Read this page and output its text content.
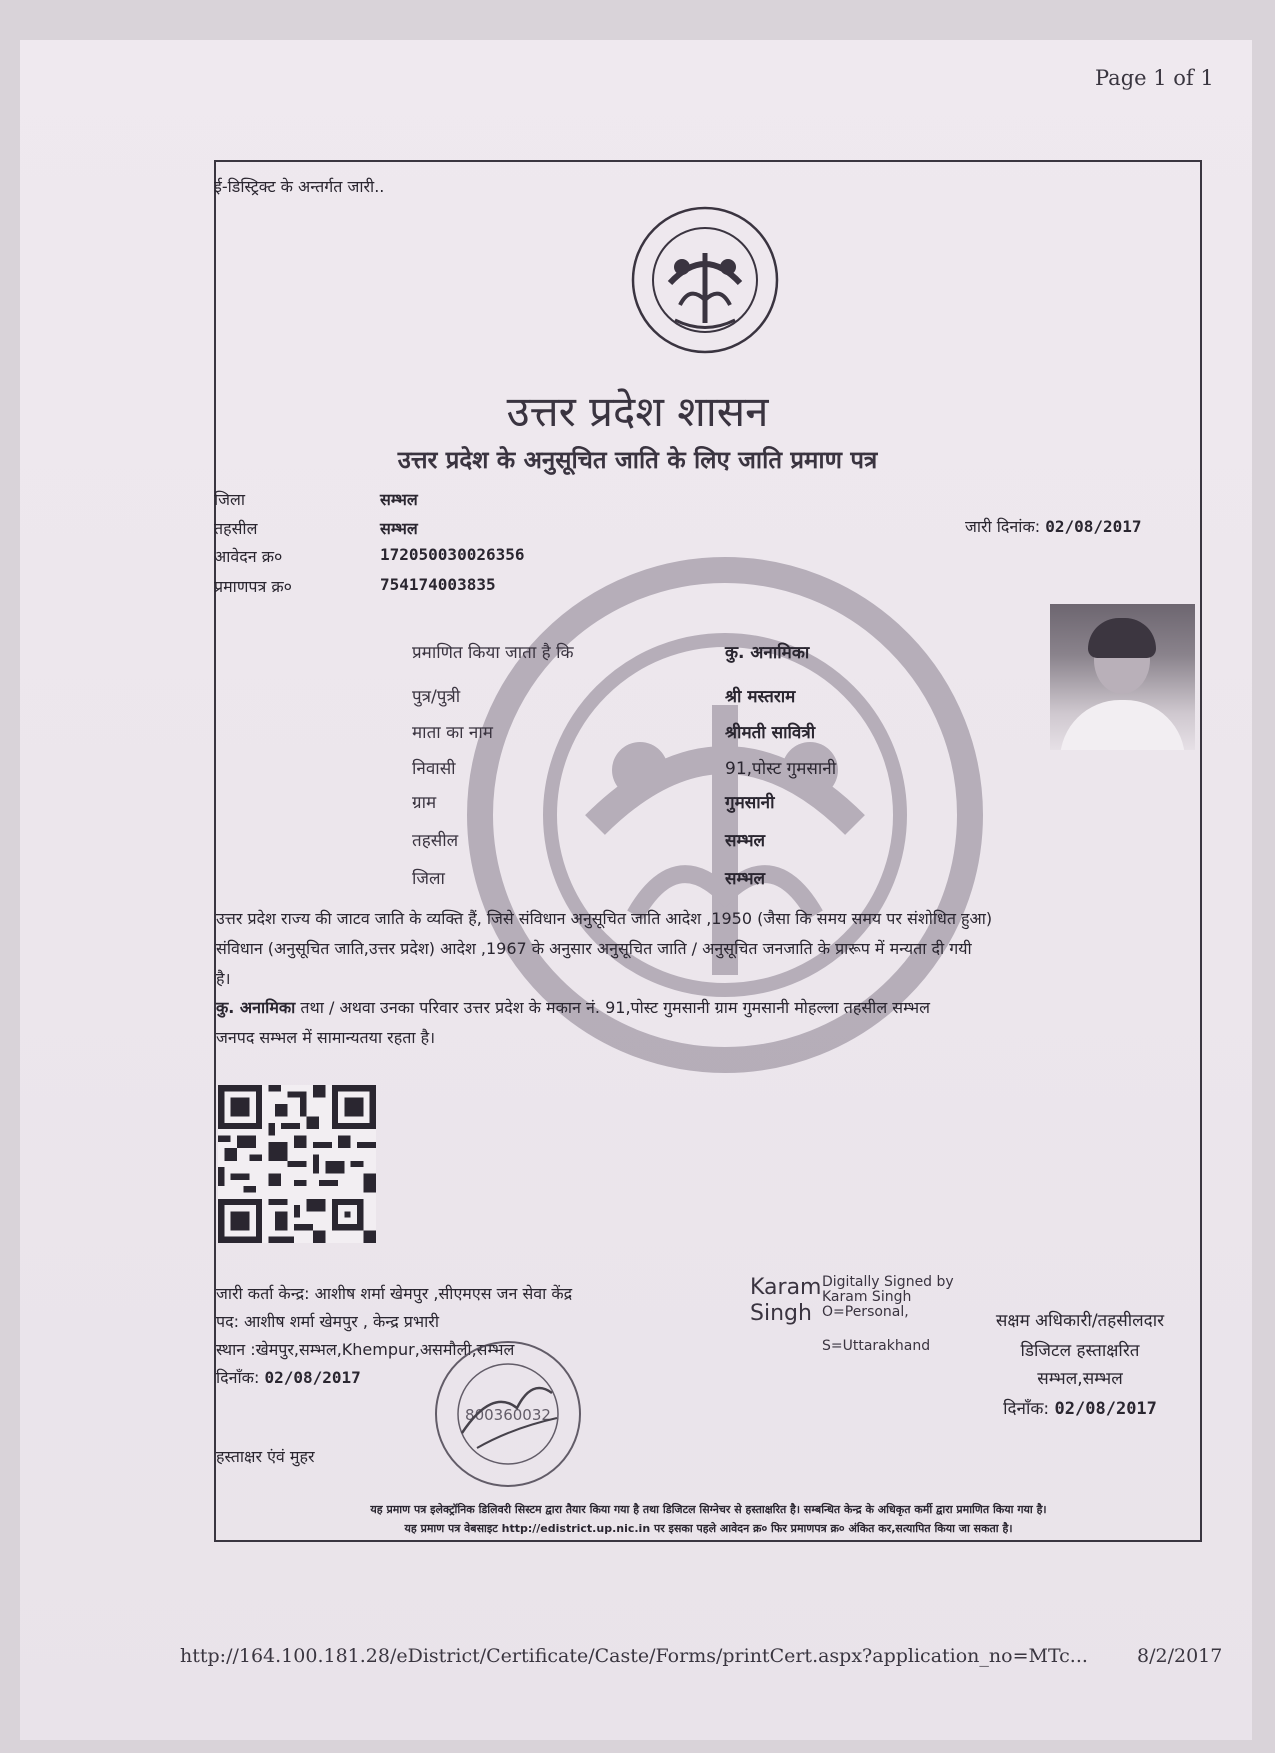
Page 1 of 1
ई-डिस्ट्रिक्ट के अन्तर्गत जारी..
उत्तर प्रदेश शासन
उत्तर प्रदेश के अनुसूचित जाति के लिए जाति प्रमाण पत्र
जिला	सम्भल
तहसील	सम्भल
आवेदन क्र०	172050030026356
प्रमाणपत्र क्र०	754174003835
जारी दिनांक: 02/08/2017
प्रमाणित किया जाता है कि	कु. अनामिका
पुत्र/पुत्री	श्री मस्तराम
माता का नाम	श्रीमती सावित्री
निवासी	91,पोस्ट गुमसानी
ग्राम	गुमसानी
तहसील	सम्भल
जिला	सम्भल
उत्तर प्रदेश राज्य की जाटव जाति के व्यक्ति हैं, जिसे संविधान अनुसूचित जाति आदेश ,1950 (जैसा कि समय समय पर संशोधित हुआ)
संविधान (अनुसूचित जाति,उत्तर प्रदेश) आदेश ,1967 के अनुसार अनुसूचित जाति / अनुसूचित जनजाति के प्रारूप में मन्यता दी गयी
है।
कु. अनामिका तथा / अथवा उनका परिवार उत्तर प्रदेश के मकान नं. 91,पोस्ट गुमसानी ग्राम गुमसानी मोहल्ला तहसील सम्भल
जनपद सम्भल में सामान्यतया रहता है।
जारी कर्ता केन्द्र: आशीष शर्मा खेमपुर ,सीएमएस जन सेवा केंद्र
पद: आशीष शर्मा खेमपुर , केन्द्र प्रभारी
स्थान :खेमपुर,सम्भल,Khempur,असमौली,सम्भल
दिनाँक: 02/08/2017
हस्ताक्षर एंवं मुहर
800360032
Karam
Singh
Digitally Signed by
Karam Singh
O=Personal,
S=Uttarakhand
सक्षम अधिकारी/तहसीलदार
डिजिटल हस्ताक्षरित
सम्भल,सम्भल
दिनाँक: 02/08/2017
यह प्रमाण पत्र इलेक्ट्रॉनिक डिलिवरी सिस्टम द्वारा तैयार किया गया है तथा डिजिटल सिग्नेचर से हस्ताक्षरित है। सम्बन्धित केन्द्र के अधिकृत कर्मी द्वारा प्रमाणित किया गया है।
यह प्रमाण पत्र वेबसाइट http://edistrict.up.nic.in पर इसका पहले आवेदन क्र० फिर प्रमाणपत्र क्र० अंकित कर,सत्यापित किया जा सकता है।
http://164.100.181.28/eDistrict/Certificate/Caste/Forms/printCert.aspx?application_no=MTc...	8/2/2017
